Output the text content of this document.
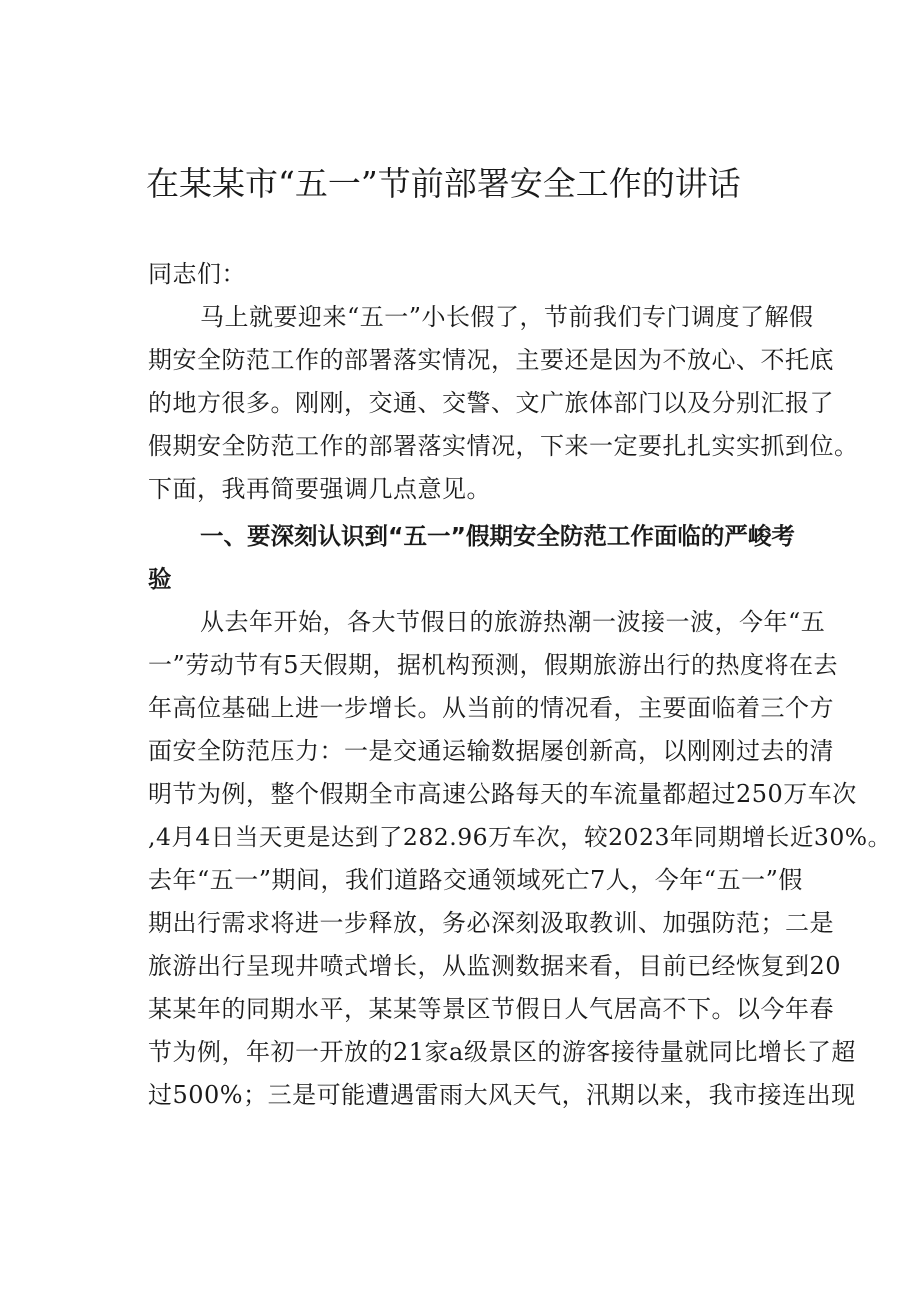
在某某市“五一”节前部署安全工作的讲话
同志们：
马上就要迎来“五一”小长假了，节前我们专门调度了解假
期安全防范工作的部署落实情况，主要还是因为不放心、不托底
的地方很多。刚刚，交通、交警、文广旅体部门以及分别汇报了
假期安全防范工作的部署落实情况，下来一定要扎扎实实抓到位。
下面，我再简要强调几点意见。
一、要深刻认识到“五一”假期安全防范工作面临的严峻考
验
从去年开始，各大节假日的旅游热潮一波接一波，今年“五
一”劳动节有5天假期，据机构预测，假期旅游出行的热度将在去
年高位基础上进一步增长。从当前的情况看，主要面临着三个方
面安全防范压力：一是交通运输数据屡创新高，以刚刚过去的清
明节为例，整个假期全市高速公路每天的车流量都超过250万车次
,4月4日当天更是达到了282.96万车次，较2023年同期增长近30%。
去年“五一”期间，我们道路交通领域死亡7人，今年“五一”假
期出行需求将进一步释放，务必深刻汲取教训、加强防范；二是
旅游出行呈现井喷式增长，从监测数据来看，目前已经恢复到20
某某年的同期水平，某某等景区节假日人气居高不下。以今年春
节为例，年初一开放的21家a级景区的游客接待量就同比增长了超
过500%；三是可能遭遇雷雨大风天气，汛期以来，我市接连出现
